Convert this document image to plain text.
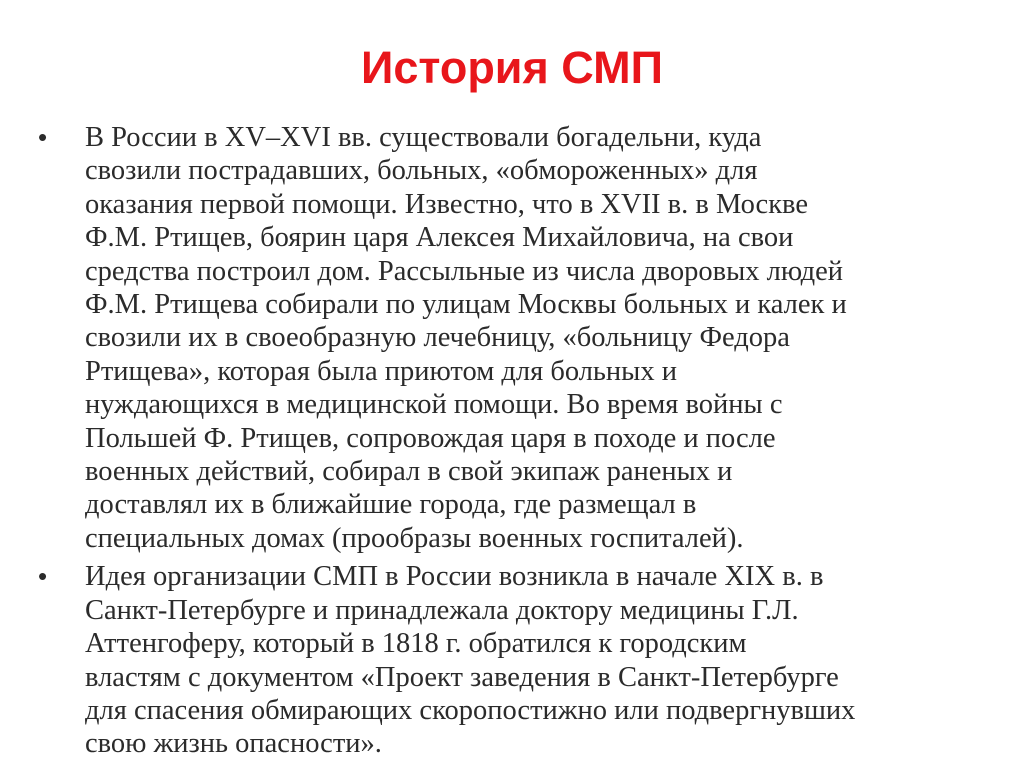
История СМП
• В России в XV–XVI вв. существовали богадельни, куда
свозили пострадавших, больных, «обмороженных» для
оказания первой помощи. Известно, что в XVII в. в Москве
Ф.М. Ртищев, боярин царя Алексея Михайловича, на свои
средства построил дом. Рассыльные из числа дворовых людей
Ф.М. Ртищева собирали по улицам Москвы больных и калек и
свозили их в своеобразную лечебницу, «больницу Федора
Ртищева», которая была приютом для больных и
нуждающихся в медицинской помощи. Во время войны с
Польшей Ф. Ртищев, сопровождая царя в походе и после
военных действий, собирал в свой экипаж раненых и
доставлял их в ближайшие города, где размещал в
специальных домах (прообразы военных госпиталей).
• Идея организации СМП в России возникла в начале XIX в. в
Санкт-Петербурге и принадлежала доктору медицины Г.Л.
Аттенгоферу, который в 1818 г. обратился к городским
властям с документом «Проект заведения в Санкт-Петербурге
для спасения обмирающих скоропостижно или подвергнувших
свою жизнь опасности».
